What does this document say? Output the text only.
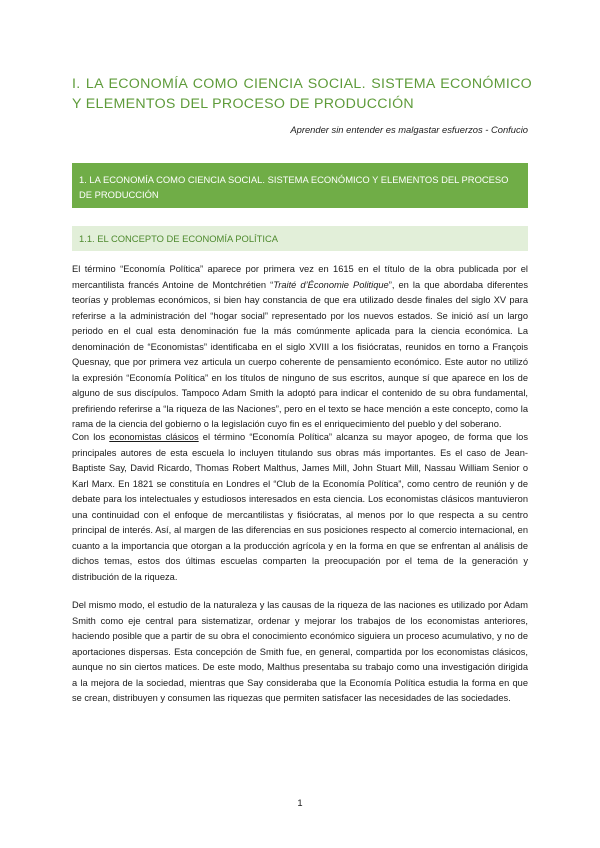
I. LA ECONOMÍA COMO CIENCIA SOCIAL. SISTEMA ECONÓMICO Y ELEMENTOS DEL PROCESO DE PRODUCCIÓN
Aprender sin entender es malgastar esfuerzos - Confucio
1. LA ECONOMÍA COMO CIENCIA SOCIAL. SISTEMA ECONÓMICO Y ELEMENTOS DEL PROCESO DE PRODUCCIÓN
1.1. EL CONCEPTO DE ECONOMÍA POLÍTICA

El término “Economía Política” aparece por primera vez en 1615 en el título de la obra publicada por el mercantilista francés Antoine de Montchrétien “Traité d’Économie Politique”, en la que abordaba diferentes teorías y problemas económicos, si bien hay constancia de que era utilizado desde finales del siglo XV para referirse a la administración del “hogar social” representado por los nuevos estados. Se inició así un largo periodo en el cual esta denominación fue la más comúnmente aplicada para la ciencia económica. La denominación de “Economistas” identificaba en el siglo XVIII a los fisiócratas, reunidos en torno a François Quesnay, que por primera vez articula un cuerpo coherente de pensamiento económico. Este autor no utilizó la expresión “Economía Política” en los títulos de ninguno de sus escritos, aunque sí que aparece en los de alguno de sus discípulos. Tampoco Adam Smith la adoptó para indicar el contenido de su obra fundamental, prefiriendo referirse a “la riqueza de las Naciones”, pero en el texto se hace mención a este concepto, como la rama de la ciencia del gobierno o la legislación cuyo fin es el enriquecimiento del pueblo y del soberano.

Con los economistas clásicos el término “Economía Política” alcanza su mayor apogeo, de forma que los principales autores de esta escuela lo incluyen titulando sus obras más importantes. Es el caso de Jean-Baptiste Say, David Ricardo, Thomas Robert Malthus, James Mill, John Stuart Mill, Nassau William Senior o Karl Marx. En 1821 se constituía en Londres el “Club de la Economía Política”, como centro de reunión y de debate para los intelectuales y estudiosos interesados en esta ciencia. Los economistas clásicos mantuvieron una continuidad con el enfoque de mercantilistas y fisiócratas, al menos por lo que respecta a su centro principal de interés. Así, al margen de las diferencias en sus posiciones respecto al comercio internacional, en cuanto a la importancia que otorgan a la producción agrícola y en la forma en que se enfrentan al análisis de dichos temas, estos dos últimas escuelas comparten la preocupación por el tema de la generación y distribución de la riqueza.

Del mismo modo, el estudio de la naturaleza y las causas de la riqueza de las naciones es utilizado por Adam Smith como eje central para sistematizar, ordenar y mejorar los trabajos de los economistas anteriores, haciendo posible que a partir de su obra el conocimiento económico siguiera un proceso acumulativo, y no de aportaciones dispersas. Esta concepción de Smith fue, en general, compartida por los economistas clásicos, aunque no sin ciertos matices. De este modo, Malthus presentaba su trabajo como una investigación dirigida a la mejora de la sociedad, mientras que Say consideraba que la Economía Política estudia la forma en que se crean, distribuyen y consumen las riquezas que permiten satisfacer las necesidades de las sociedades.

1
